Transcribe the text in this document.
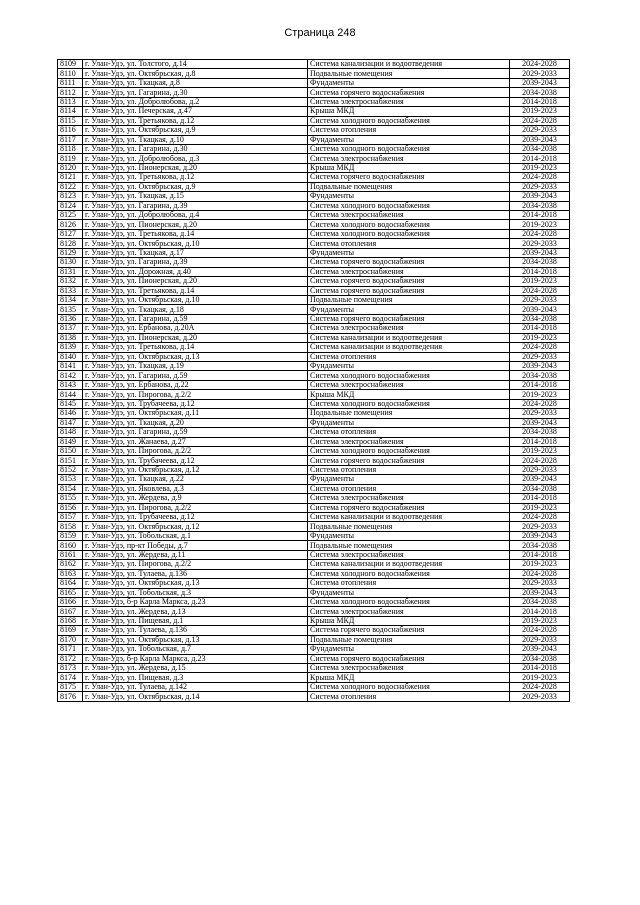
Страница 248
8109	г. Улан-Удэ, ул. Толстого, д.14	Система канализации и водоотведения	2024-2028
8110	г. Улан-Удэ, ул. Октябрьская, д.8	Подвальные помещения	2029-2033
8111	г. Улан-Удэ, ул. Ткацкая, д.8	Фундаменты	2039-2043
8112	г. Улан-Удэ, ул. Гагарина, д.30	Система горячего водоснабжения	2034-2038
8113	г. Улан-Удэ, ул. Добролюбова, д.2	Система электроснабжения	2014-2018
8114	г. Улан-Удэ, ул. Печерская, д.47	Крыша МКД	2019-2023
8115	г. Улан-Удэ, ул. Третьякова, д.12	Система холодного водоснабжения	2024-2028
8116	г. Улан-Удэ, ул. Октябрьская, д.9	Система отопления	2029-2033
8117	г. Улан-Удэ, ул. Ткацкая, д.10	Фундаменты	2039-2043
8118	г. Улан-Удэ, ул. Гагарина, д.30	Система холодного водоснабжения	2034-2038
8119	г. Улан-Удэ, ул. Добролюбова, д.3	Система электроснабжения	2014-2018
8120	г. Улан-Удэ, ул. Пионерская, д.20	Крыша МКД	2019-2023
8121	г. Улан-Удэ, ул. Третьякова, д.12	Система горячего водоснабжения	2024-2028
8122	г. Улан-Удэ, ул. Октябрьская, д.9	Подвальные помещения	2029-2033
8123	г. Улан-Удэ, ул. Ткацкая, д.15	Фундаменты	2039-2043
8124	г. Улан-Удэ, ул. Гагарина, д.39	Система холодного водоснабжения	2034-2038
8125	г. Улан-Удэ, ул. Добролюбова, д.4	Система электроснабжения	2014-2018
8126	г. Улан-Удэ, ул. Пионерская, д.20	Система холодного водоснабжения	2019-2023
8127	г. Улан-Удэ, ул. Третьякова, д.14	Система холодного водоснабжения	2024-2028
8128	г. Улан-Удэ, ул. Октябрьская, д.10	Система отопления	2029-2033
8129	г. Улан-Удэ, ул. Ткацкая, д.17	Фундаменты	2039-2043
8130	г. Улан-Удэ, ул. Гагарина, д.39	Система горячего водоснабжения	2034-2038
8131	г. Улан-Удэ, ул. Дорожная, д.40	Система электроснабжения	2014-2018
8132	г. Улан-Удэ, ул. Пионерская, д.20	Система горячего водоснабжения	2019-2023
8133	г. Улан-Удэ, ул. Третьякова, д.14	Система горячего водоснабжения	2024-2028
8134	г. Улан-Удэ, ул. Октябрьская, д.10	Подвальные помещения	2029-2033
8135	г. Улан-Удэ, ул. Ткацкая, д.18	Фундаменты	2039-2043
8136	г. Улан-Удэ, ул. Гагарина, д.59	Система горячего водоснабжения	2034-2038
8137	г. Улан-Удэ, ул. Ербанова, д.20А	Система электроснабжения	2014-2018
8138	г. Улан-Удэ, ул. Пионерская, д.20	Система канализации и водоотведения	2019-2023
8139	г. Улан-Удэ, ул. Третьякова, д.14	Система канализации и водоотведения	2024-2028
8140	г. Улан-Удэ, ул. Октябрьская, д.13	Система отопления	2029-2033
8141	г. Улан-Удэ, ул. Ткацкая, д.19	Фундаменты	2039-2043
8142	г. Улан-Удэ, ул. Гагарина, д.59	Система холодного водоснабжения	2034-2038
8143	г. Улан-Удэ, ул. Ербанова, д.22	Система электроснабжения	2014-2018
8144	г. Улан-Удэ, ул. Пирогова, д.2/2	Крыша МКД	2019-2023
8145	г. Улан-Удэ, ул. Трубачеева, д.12	Система холодного водоснабжения	2024-2028
8146	г. Улан-Удэ, ул. Октябрьская, д.11	Подвальные помещения	2029-2033
8147	г. Улан-Удэ, ул. Ткацкая, д.20	Фундаменты	2039-2043
8148	г. Улан-Удэ, ул. Гагарина, д.59	Система отопления	2034-2038
8149	г. Улан-Удэ, ул. Жанаева, д.27	Система электроснабжения	2014-2018
8150	г. Улан-Удэ, ул. Пирогова, д.2/2	Система холодного водоснабжения	2019-2023
8151	г. Улан-Удэ, ул. Трубачеева, д.12	Система горячего водоснабжения	2024-2028
8152	г. Улан-Удэ, ул. Октябрьская, д.12	Система отопления	2029-2033
8153	г. Улан-Удэ, ул. Ткацкая, д.22	Фундаменты	2039-2043
8154	г. Улан-Удэ, ул. Яковлева, д.3	Система отопления	2034-2038
8155	г. Улан-Удэ, ул. Жердева, д.9	Система электроснабжения	2014-2018
8156	г. Улан-Удэ, ул. Пирогова, д.2/2	Система горячего водоснабжения	2019-2023
8157	г. Улан-Удэ, ул. Трубачеева, д.12	Система канализации и водоотведения	2024-2028
8158	г. Улан-Удэ, ул. Октябрьская, д.12	Подвальные помещения	2029-2033
8159	г. Улан-Удэ, ул. Тобольская, д.1	Фундаменты	2039-2043
8160	г. Улан-Удэ, пр-кт Победы, д.7	Подвальные помещения	2034-2038
8161	г. Улан-Удэ, ул. Жердева, д.11	Система электроснабжения	2014-2018
8162	г. Улан-Удэ, ул. Пирогова, д.2/2	Система канализации и водоотведения	2019-2023
8163	г. Улан-Удэ, ул. Тулаева, д.136	Система холодного водоснабжения	2024-2028
8164	г. Улан-Удэ, ул. Октябрьская, д.13	Система отопления	2029-2033
8165	г. Улан-Удэ, ул. Тобольская, д.3	Фундаменты	2039-2043
8166	г. Улан-Удэ, б-р Карла Маркса, д.23	Система холодного водоснабжения	2034-2038
8167	г. Улан-Удэ, ул. Жердева, д.13	Система электроснабжения	2014-2018
8168	г. Улан-Удэ, ул. Пищевая, д.1	Крыша МКД	2019-2023
8169	г. Улан-Удэ, ул. Тулаева, д.136	Система горячего водоснабжения	2024-2028
8170	г. Улан-Удэ, ул. Октябрьская, д.13	Подвальные помещения	2029-2033
8171	г. Улан-Удэ, ул. Тобольская, д.7	Фундаменты	2039-2043
8172	г. Улан-Удэ, б-р Карла Маркса, д.23	Система горячего водоснабжения	2034-2038
8173	г. Улан-Удэ, ул. Жердева, д.15	Система электроснабжения	2014-2018
8174	г. Улан-Удэ, ул. Пищевая, д.3	Крыша МКД	2019-2023
8175	г. Улан-Удэ, ул. Тулаева, д.142	Система холодного водоснабжения	2024-2028
8176	г. Улан-Удэ, ул. Октябрьская, д.14	Система отопления	2029-2033
